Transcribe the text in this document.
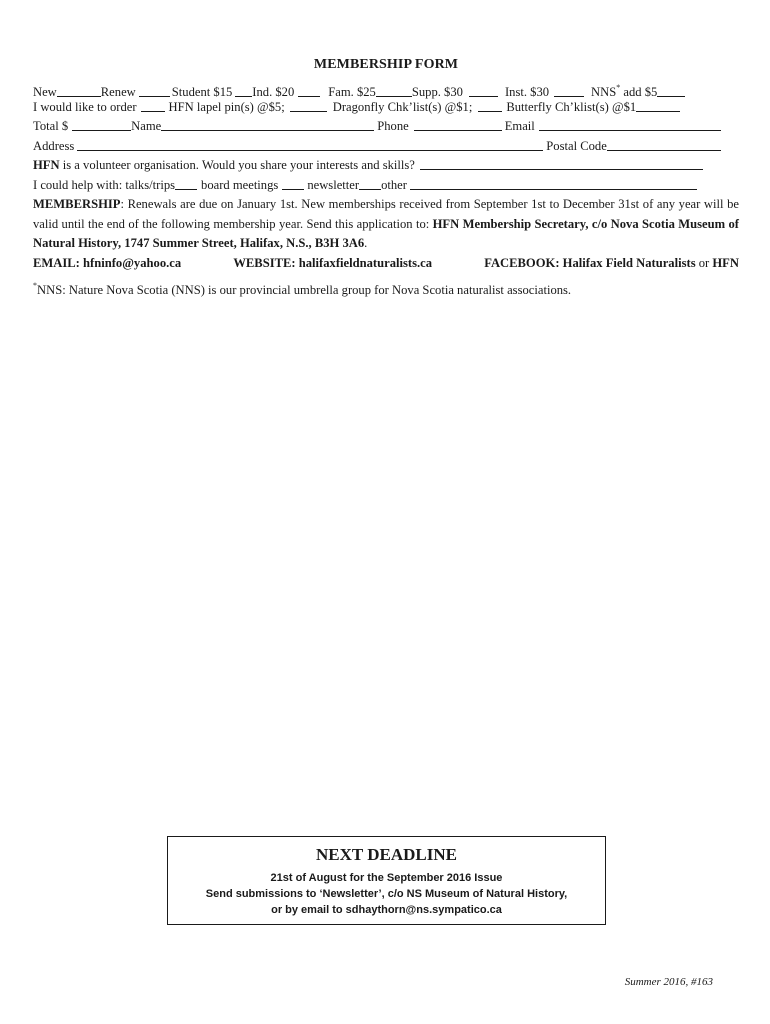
MEMBERSHIP FORM
New	Renew	Student $15 Ind. $20	Fam. $25	Supp. $30	Inst. $30	NNS* add $5
I would like to order	HFN lapel pin(s) @$5;	Dragonfly Chk’list(s) @$1;	Butterfly Ch’klist(s) @$1
Total $	Name	Phone	Email
Address	Postal Code
HFN is a volunteer organisation. Would you share your interests and skills?
I could help with: talks/trips board meetings newsletter other
MEMBERSHIP: Renewals are due on January 1st. New memberships received from September 1st to December 31st of any year will be valid until the end of the following membership year. Send this application to: HFN Membership Secretary, c/o Nova Scotia Museum of Natural History, 1747 Summer Street, Halifax, N.S., B3H 3A6.
EMAIL: hfninfo@yahoo.ca	WEBSITE: halifaxfieldnaturalists.ca	FACEBOOK: Halifax Field Naturalists or HFN
*NNS: Nature Nova Scotia (NNS) is our provincial umbrella group for Nova Scotia naturalist associations.
NEXT DEADLINE
21st of August for the September 2016 Issue
Send submissions to ‘Newsletter’, c/o NS Museum of Natural History,
or by email to sdhaythorn@ns.sympatico.ca
Summer 2016, #163
